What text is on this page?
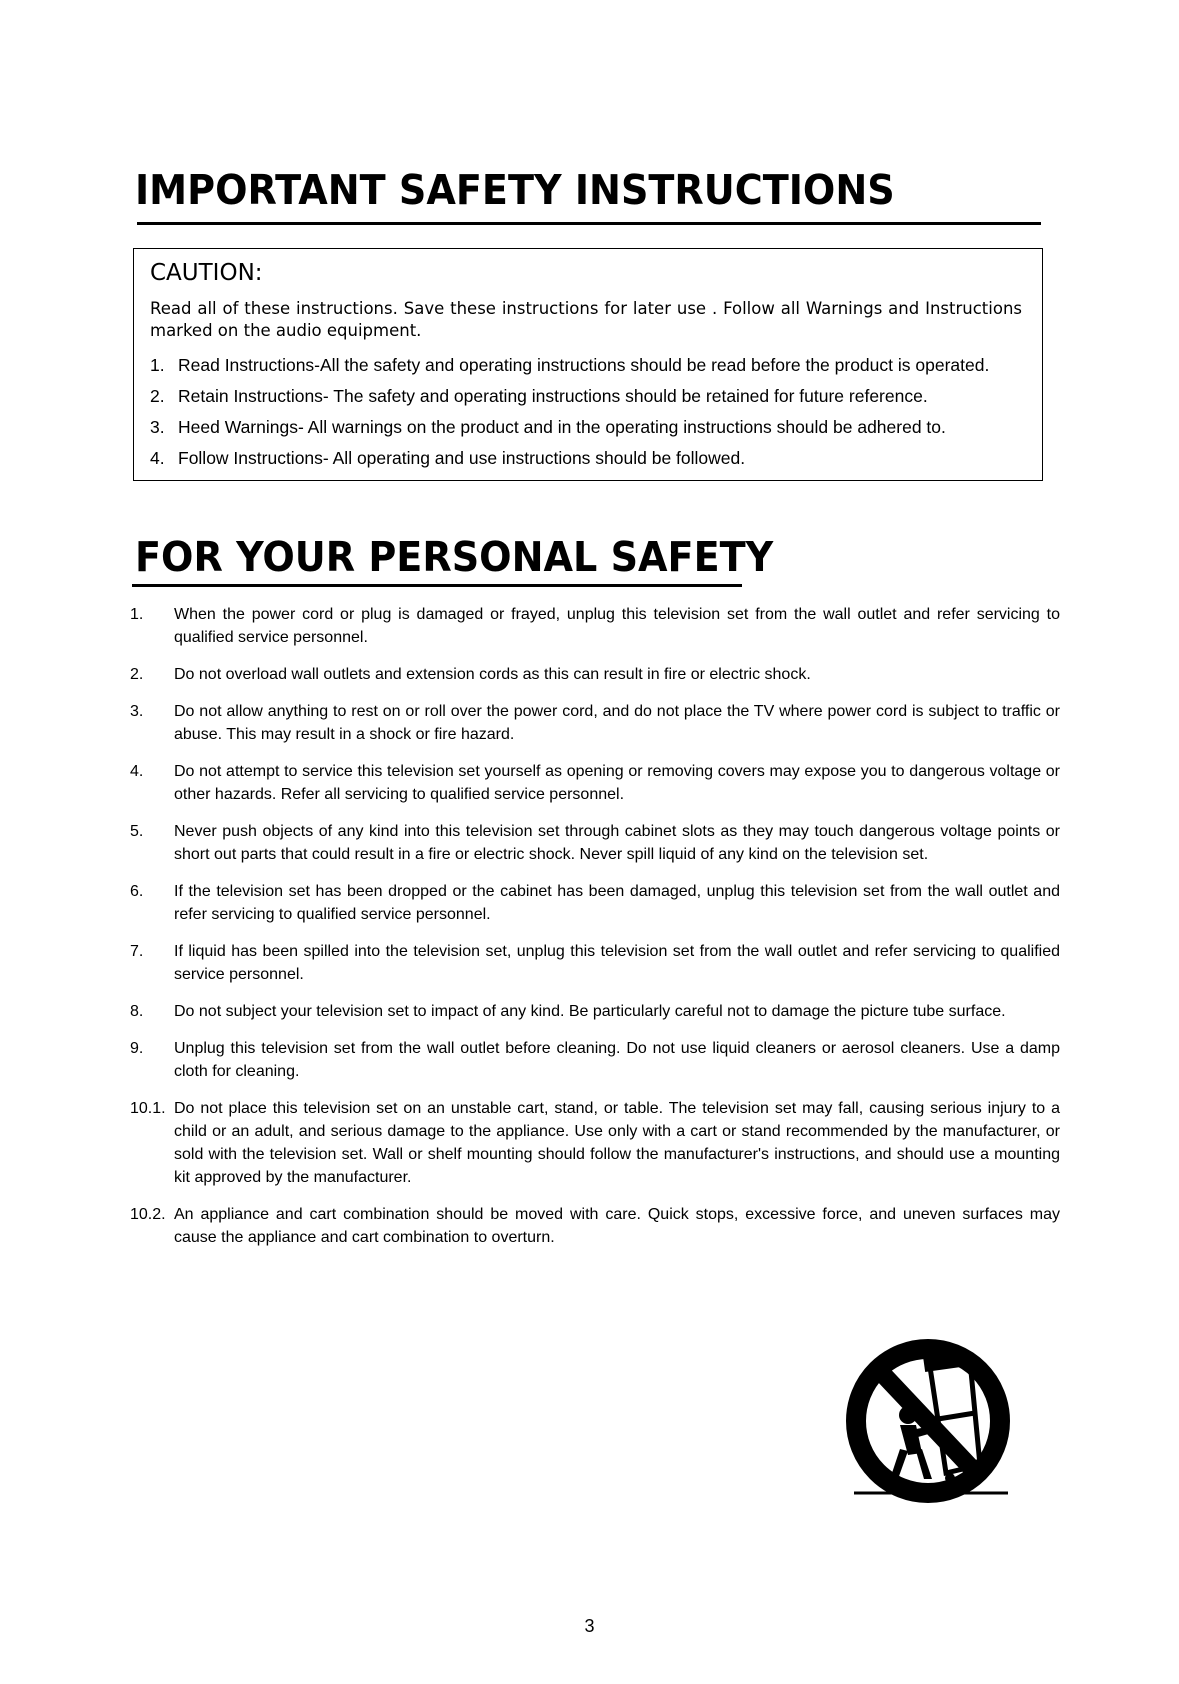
IMPORTANT SAFETY INSTRUCTIONS
CAUTION:
Read all of these instructions. Save these instructions for later use . Follow all Warnings and Instructions marked on the audio equipment.
1. Read Instructions-All the safety and operating instructions should be read before the product is operated.
2. Retain Instructions- The safety and operating instructions should be retained for future reference.
3. Heed Warnings- All warnings on the product and in the operating instructions should be adhered to.
4. Follow Instructions- All operating and use instructions should be followed.
FOR YOUR PERSONAL SAFETY
1. When the power cord or plug is damaged or frayed, unplug this television set from the wall outlet and refer servicing to qualified service personnel.
2. Do not overload wall outlets and extension cords as this can result in fire or electric shock.
3. Do not allow anything to rest on or roll over the power cord, and do not place the TV where power cord is subject to traffic or abuse. This may result in a shock or fire hazard.
4. Do not attempt to service this television set yourself as opening or removing covers may expose you to dangerous voltage or other hazards. Refer all servicing to qualified service personnel.
5. Never push objects of any kind into this television set through cabinet slots as they may touch dangerous voltage points or short out parts that could result in a fire or electric shock. Never spill liquid of any kind on the television set.
6. If the television set has been dropped or the cabinet has been damaged, unplug this television set from the wall outlet and refer servicing to qualified service personnel.
7. If liquid has been spilled into the television set, unplug this television set from the wall outlet and refer servicing to qualified service personnel.
8. Do not subject your television set to impact of any kind. Be particularly careful not to damage the picture tube surface.
9. Unplug this television set from the wall outlet before cleaning. Do not use liquid cleaners or aerosol cleaners. Use a damp cloth for cleaning.
10.1. Do not place this television set on an unstable cart, stand, or table. The television set may fall, causing serious injury to a child or an adult, and serious damage to the appliance. Use only with a cart or stand recommended by the manufacturer, or sold with the television set. Wall or shelf mounting should follow the manufacturer's instructions, and should use a mounting kit approved by the manufacturer.
10.2. An appliance and cart combination should be moved with care. Quick stops, excessive force, and uneven surfaces may cause the appliance and cart combination to overturn.
3
